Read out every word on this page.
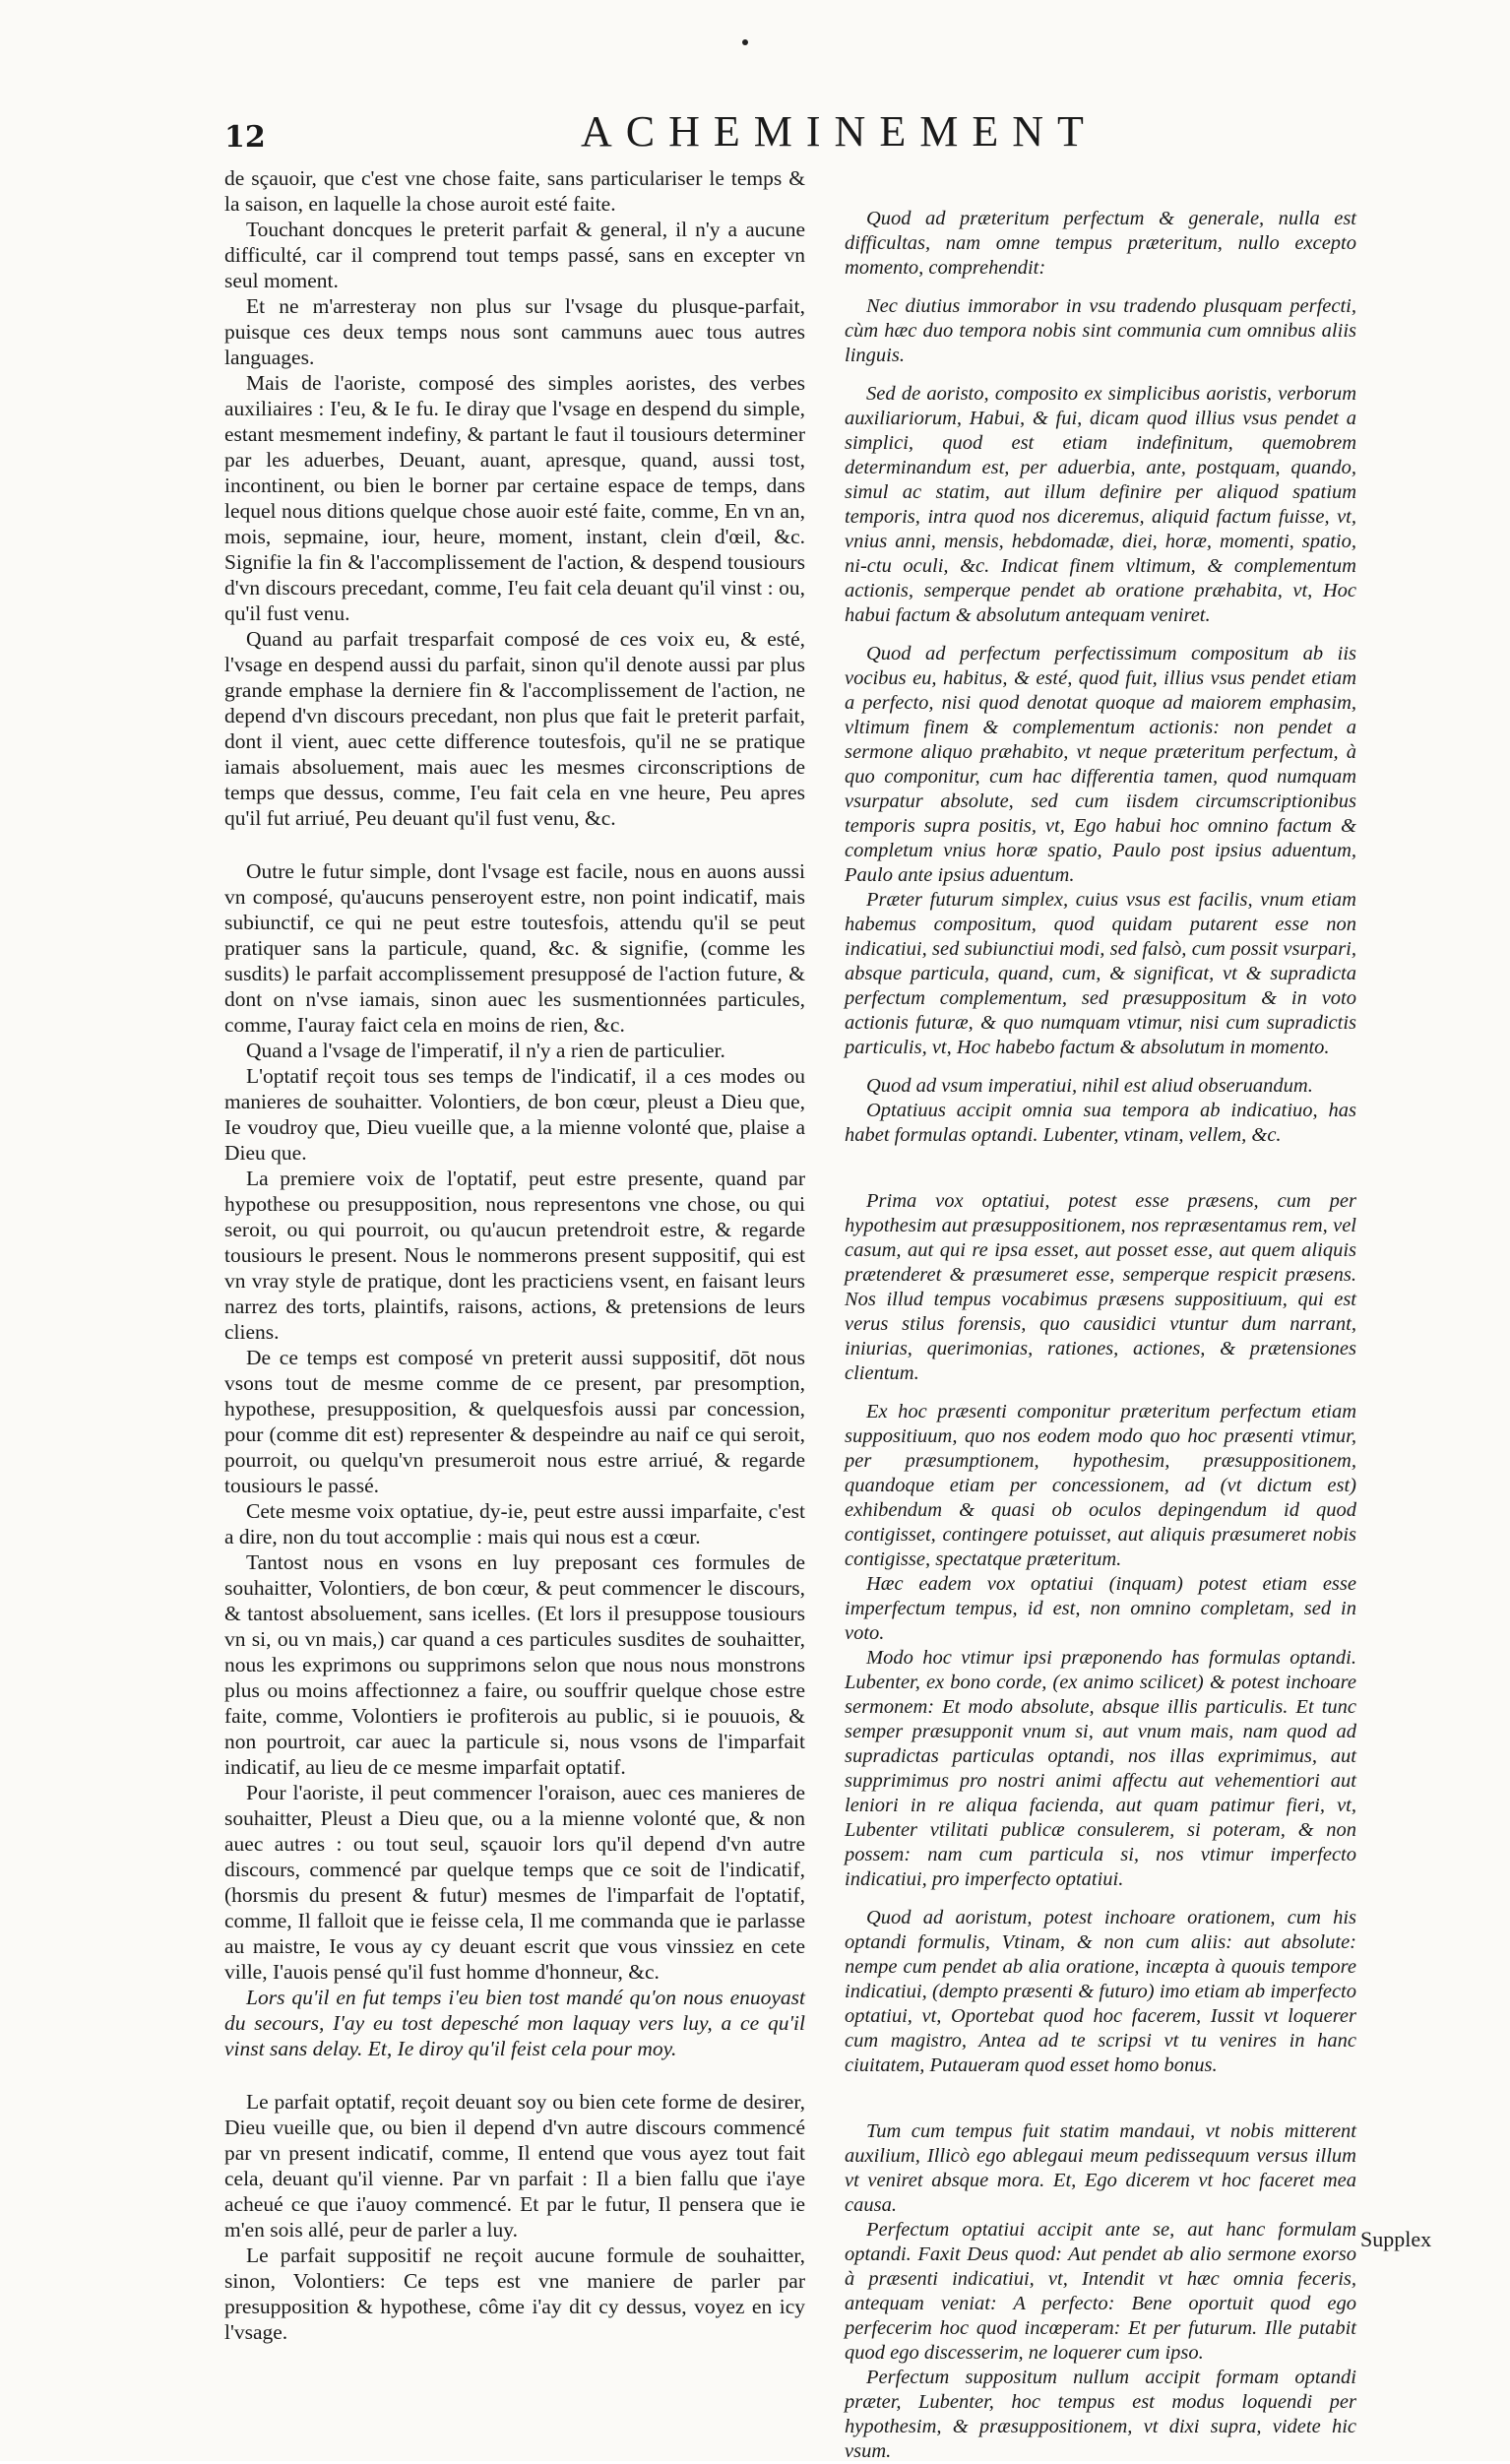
12	ACHEMINEMENT

de sçauoir, que c'est vne chose faite, sans particulariser le temps & la saison, en laquelle la chose auroit esté faite.

Touchant doncques le preterit parfait & general, il n'y a aucune difficulté, car il comprend tout temps passé, sans en excepter vn seul moment.

Et ne m'arresteray non plus sur l'vsage du plusque-parfait, puisque ces deux temps nous sont cammuns auec tous autres languages.

Mais de l'aoriste, composé des simples aoristes, des verbes auxiliaires : I'eu, & Ie fu. Ie diray que l'vsage en despend du simple, estant mesmement indefiny, & partant le faut il tousiours determiner par les aduerbes, Deuant, auant, apresque, quand, aussi tost, incontinent, ou bien le borner par certaine espace de temps, dans lequel nous ditions quelque chose auoir esté faite, comme, En vn an, mois, sepmaine, iour, heure, moment, instant, clein d'œil, &c. Signifie la fin & l'accomplissement de l'action, & despend tousiours d'vn discours precedant, comme, I'eu fait cela deuant qu'il vinst : ou, qu'il fust venu.

Quand au parfait tresparfait composé de ces voix eu, & esté, l'vsage en despend aussi du parfait, sinon qu'il denote aussi par plus grande emphase la derniere fin & l'accomplissement de l'action, ne depend d'vn discours precedant, non plus que fait le preterit parfait, dont il vient, auec cette difference toutesfois, qu'il ne se pratique iamais absoluement, mais auec les mesmes circonscriptions de temps que dessus, comme, I'eu fait cela en vne heure, Peu apres qu'il fut arriué, Peu deuant qu'il fust venu, &c.

Outre le futur simple, dont l'vsage est facile, nous en auons aussi vn composé, qu'aucuns penseroyent estre, non point indicatif, mais subiunctif, ce qui ne peut estre toutesfois, attendu qu'il se peut pratiquer sans la particule, quand, &c. & signifie, (comme les susdits) le parfait accomplissement presupposé de l'action future, & dont on n'vse iamais, sinon auec les susmentionnées particules, comme, I'auray faict cela en moins de rien, &c.

Quand a l'vsage de l'imperatif, il n'y a rien de particulier.

L'optatif reçoit tous ses temps de l'indicatif, il a ces modes ou manieres de souhaitter. Volontiers, de bon cœur, pleust a Dieu que, Ie voudroy que, Dieu vueille que, a la mienne volonté que, plaise a Dieu que.

La premiere voix de l'optatif, peut estre presente, quand par hypothese ou presupposition, nous representons vne chose, ou qui seroit, ou qui pourroit, ou qu'aucun pretendroit estre, & regarde tousiours le present. Nous le nommerons present suppositif, qui est vn vray style de pratique, dont les practiciens vsent, en faisant leurs narrez des torts, plaintifs, raisons, actions, & pretensions de leurs cliens.

De ce temps est composé vn preterit aussi suppositif, dōt nous vsons tout de mesme comme de ce present, par presomption, hypothese, presupposition, & quelquesfois aussi par concession, pour (comme dit est) representer & despeindre au naif ce qui seroit, pourroit, ou quelqu'vn presumeroit nous estre arriué, & regarde tousiours le passé.

Cete mesme voix optatiue, dy-ie, peut estre aussi imparfaite, c'est a dire, non du tout accomplie : mais qui nous est a cœur.

Tantost nous en vsons en luy preposant ces formules de souhaitter, Volontiers, de bon cœur, & peut commencer le discours, & tantost absoluement, sans icelles. (Et lors il presuppose tousiours vn si, ou vn mais,) car quand a ces particules susdites de souhaitter, nous les exprimons ou supprimons selon que nous nous monstrons plus ou moins affectionnez a faire, ou souffrir quelque chose estre faite, comme, Volontiers ie profiterois au public, si ie pouuois, & non pourtroit, car auec la particule si, nous vsons de l'imparfait indicatif, au lieu de ce mesme imparfait optatif.

Pour l'aoriste, il peut commencer l'oraison, auec ces manieres de souhaitter, Pleust a Dieu que, ou a la mienne volonté que, & non auec autres : ou tout seul, sçauoir lors qu'il depend d'vn autre discours, commencé par quelque temps que ce soit de l'indicatif, (horsmis du present & futur) mesmes de l'imparfait de l'optatif, comme, Il falloit que ie feisse cela, Il me commanda que ie parlasse au maistre, Ie vous ay cy deuant escrit que vous vinssiez en cete ville, I'auois pensé qu'il fust homme d'honneur, &c.

Lors qu'il en fut temps i'eu bien tost mandé qu'on nous enuoyast du secours, I'ay eu tost depesché mon laquay vers luy, a ce qu'il vinst sans delay. Et, Ie diroy qu'il feist cela pour moy.

Le parfait optatif, reçoit deuant soy ou bien cete forme de desirer, Dieu vueille que, ou bien il depend d'vn autre discours commencé par vn present indicatif, comme, Il entend que vous ayez tout fait cela, deuant qu'il vienne. Par vn parfait : Il a bien fallu que i'aye acheué ce que i'auoy commencé. Et par le futur, Il pensera que ie m'en sois allé, peur de parler a luy.

Le parfait suppositif ne reçoit aucune formule de souhaitter, sinon, Volontiers: Ce teps est vne maniere de parler par presupposition & hypothese, côme i'ay dit cy dessus, voyez en icy l'vsage.

Quod ad præteritum perfectum & generale, nulla est difficultas, nam omne tempus præteritum, nullo excepto momento, comprehendit:

Nec diutius immorabor in vsu tradendo plusquam perfecti, cùm hæc duo tempora nobis sint communia cum omnibus aliis linguis.

Sed de aoristo, composito ex simplicibus aoristis, verborum auxiliariorum, Habui, & fui, dicam quod illius vsus pendet a simplici, quod est etiam indefinitum, quemobrem determinandum est, per aduerbia, ante, postquam, quando, simul ac statim, aut illum definire per aliquod spatium temporis, intra quod nos diceremus, aliquid factum fuisse, vt, vnius anni, mensis, hebdomadæ, diei, horæ, momenti, spatio, ni-ctu oculi, &c. Indicat finem vltimum, & complementum actionis, semperque pendet ab oratione præhabita, vt, Hoc habui factum & absolutum antequam veniret.

Quod ad perfectum perfectissimum compositum ab iis vocibus eu, habitus, & esté, quod fuit, illius vsus pendet etiam a perfecto, nisi quod denotat quoque ad maiorem emphasim, vltimum finem & complementum actionis: non pendet a sermone aliquo præhabito, vt neque præteritum perfectum, à quo componitur, cum hac differentia tamen, quod numquam vsurpatur absolute, sed cum iisdem circumscriptionibus temporis supra positis, vt, Ego habui hoc omnino factum & completum vnius horæ spatio, Paulo post ipsius aduentum, Paulo ante ipsius aduentum.

Præter futurum simplex, cuius vsus est facilis, vnum etiam habemus compositum, quod quidam putarent esse non indicatiui, sed subiunctiui modi, sed falsò, cum possit vsurpari, absque particula, quand, cum, & significat, vt & supradicta perfectum complementum, sed præsuppositum & in voto actionis futuræ, & quo numquam vtimur, nisi cum supradictis particulis, vt, Hoc habebo factum & absolutum in momento.

Quod ad vsum imperatiui, nihil est aliud obseruandum.

Optatiuus accipit omnia sua tempora ab indicatiuo, has habet formulas optandi. Lubenter, vtinam, vellem, &c.

Prima vox optatiui, potest esse præsens, cum per hypothesim aut præsuppositionem, nos repræsentamus rem, vel casum, aut qui re ipsa esset, aut posset esse, aut quem aliquis prætenderet & præsumeret esse, semperque respicit præsens. Nos illud tempus vocabimus præsens suppositiuum, qui est verus stilus forensis, quo causidici vtuntur dum narrant, iniurias, querimonias, rationes, actiones, & prætensiones clientum.

Ex hoc præsenti componitur præteritum perfectum etiam suppositiuum, quo nos eodem modo quo hoc præsenti vtimur, per præsumptionem, hypothesim, præsuppositionem, quandoque etiam per concessionem, ad (vt dictum est) exhibendum & quasi ob oculos depingendum id quod contigisset, contingere potuisset, aut aliquis præsumeret nobis contigisse, spectatque præteritum.

Hæc eadem vox optatiui (inquam) potest etiam esse imperfectum tempus, id est, non omnino completam, sed in voto.

Modo hoc vtimur ipsi præponendo has formulas optandi. Lubenter, ex bono corde, (ex animo scilicet) & potest inchoare sermonem: Et modo absolute, absque illis particulis. Et tunc semper præsupponit vnum si, aut vnum mais, nam quod ad supradictas particulas optandi, nos illas exprimimus, aut supprimimus pro nostri animi affectu aut vehementiori aut leniori in re aliqua facienda, aut quam patimur fieri, vt, Lubenter vtilitati publicæ consulerem, si poteram, & non possem: nam cum particula si, nos vtimur imperfecto indicatiui, pro imperfecto optatiui.

Quod ad aoristum, potest inchoare orationem, cum his optandi formulis, Vtinam, & non cum aliis: aut absolute: nempe cum pendet ab alia oratione, incæpta à quouis tempore indicatiui, (dempto præsenti & futuro) imo etiam ab imperfecto optatiui, vt, Oportebat quod hoc facerem, Iussit vt loquerer cum magistro, Antea ad te scripsi vt tu venires in hanc ciuitatem, Putaueram quod esset homo bonus.

Tum cum tempus fuit statim mandaui, vt nobis mitterent auxilium, Illicò ego ablegaui meum pedissequum versus illum vt veniret absque mora. Et, Ego dicerem vt hoc faceret mea causa.

Perfectum optatiui accipit ante se, aut hanc formulam optandi. Faxit Deus quod: Aut pendet ab alio sermone exorso à præsenti indicatiui, vt, Intendit vt hæc omnia feceris, antequam veniat: A perfecto: Bene oportuit quod ego perfecerim hoc quod incœperam: Et per futurum. Ille putabit quod ego discesserim, ne loquerer cum ipso.

Perfectum suppositum nullum accipit formam optandi præter, Lubenter, hoc tempus est modus loquendi per hypothesim, & præsuppositionem, vt dixi supra, videte hic vsum.

Supplex
